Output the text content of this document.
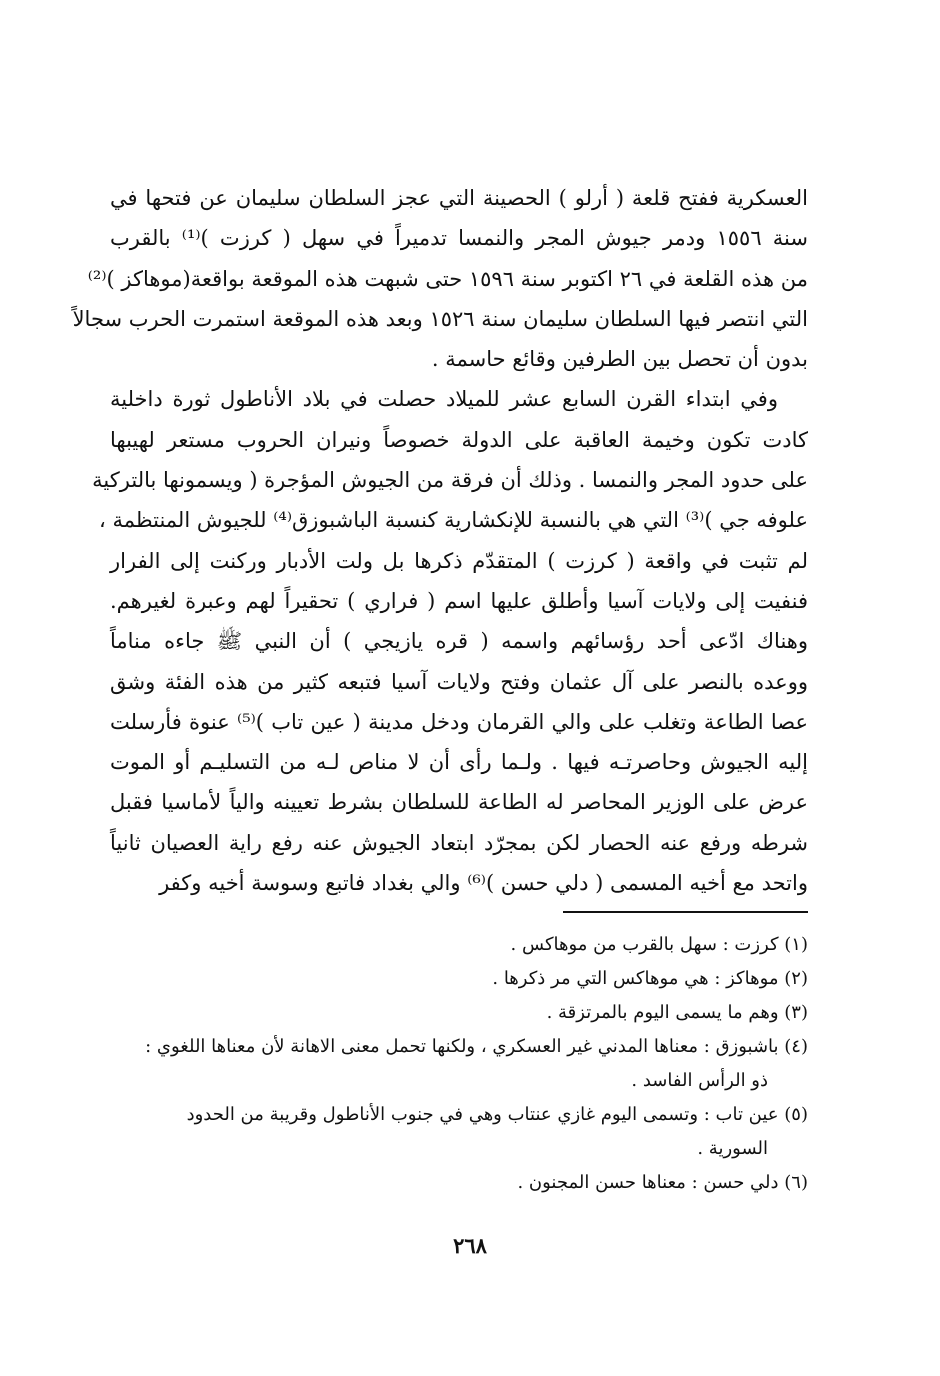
العسكرية ففتح قلعة ( أرلو ) الحصينة التي عجز السلطان سليمان عن فتحها في
سنة ١٥٥٦ ودمر جيوش المجر والنمسا تدميراً في سهل ( كرزت )⁽¹⁾ بالقرب
من هذه القلعة في ٢٦ اكتوبر سنة ١٥٩٦ حتى شبهت هذه الموقعة بواقعة(موهاكز )⁽²⁾
التي انتصر فيها السلطان سليمان سنة ١٥٢٦ وبعد هذه الموقعة استمرت الحرب سجالاً
بدون أن تحصل بين الطرفين وقائع حاسمة .
وفي ابتداء القرن السابع عشر للميلاد حصلت في بلاد الأناطول ثورة داخلية
كادت تكون وخيمة العاقبة على الدولة خصوصاً ونيران الحروب مستعر لهيبها
على حدود المجر والنمسا . وذلك أن فرقة من الجيوش المؤجرة ( ويسمونها بالتركية
علوفه جي )⁽³⁾ التي هي بالنسبة للإنكشارية كنسبة الباشبوزق⁽⁴⁾ للجيوش المنتظمة ،
لم تثبت في واقعة ( كرزت ) المتقدّم ذكرها بل ولت الأدبار وركنت إلى الفرار
فنفيت إلى ولايات آسيا وأطلق عليها اسم ( فراري ) تحقيراً لهم وعبرة لغيرهم.
وهناك ادّعى أحد رؤسائهم واسمه ( قره يازيجي ) أن النبي ﷺ جاءه مناماً
ووعده بالنصر على آل عثمان وفتح ولايات آسيا فتبعه كثير من هذه الفئة وشق
عصا الطاعة وتغلب على والي القرمان ودخل مدينة ( عين تاب )⁽⁵⁾ عنوة فأرسلت
إليه الجيوش وحاصرتـه فيها . ولـما رأى أن لا مناص لـه من التسليـم أو الموت
عرض على الوزير المحاصر له الطاعة للسلطان بشرط تعيينه والياً لأماسيا فقبل
شرطه ورفع عنه الحصار لكن بمجرّد ابتعاد الجيوش عنه رفع راية العصيان ثانياً
واتحد مع أخيه المسمى ( دلي حسن )⁽⁶⁾ والي بغداد فاتبع وسوسة أخيه وكفر
(١) كرزت : سهل بالقرب من موهاكس .
(٢) موهاكز : هي موهاكس التي مر ذكرها .
(٣) وهم ما يسمى اليوم بالمرتزقة .
(٤) باشبوزق : معناها المدني غير العسكري ، ولكنها تحمل معنى الاهانة لأن معناها اللغوي :
ذو الرأس الفاسد .
(٥) عين تاب : وتسمى اليوم غازي عنتاب وهي في جنوب الأناطول وقريبة من الحدود
السورية .
(٦) دلي حسن : معناها حسن المجنون .
٢٦٨
